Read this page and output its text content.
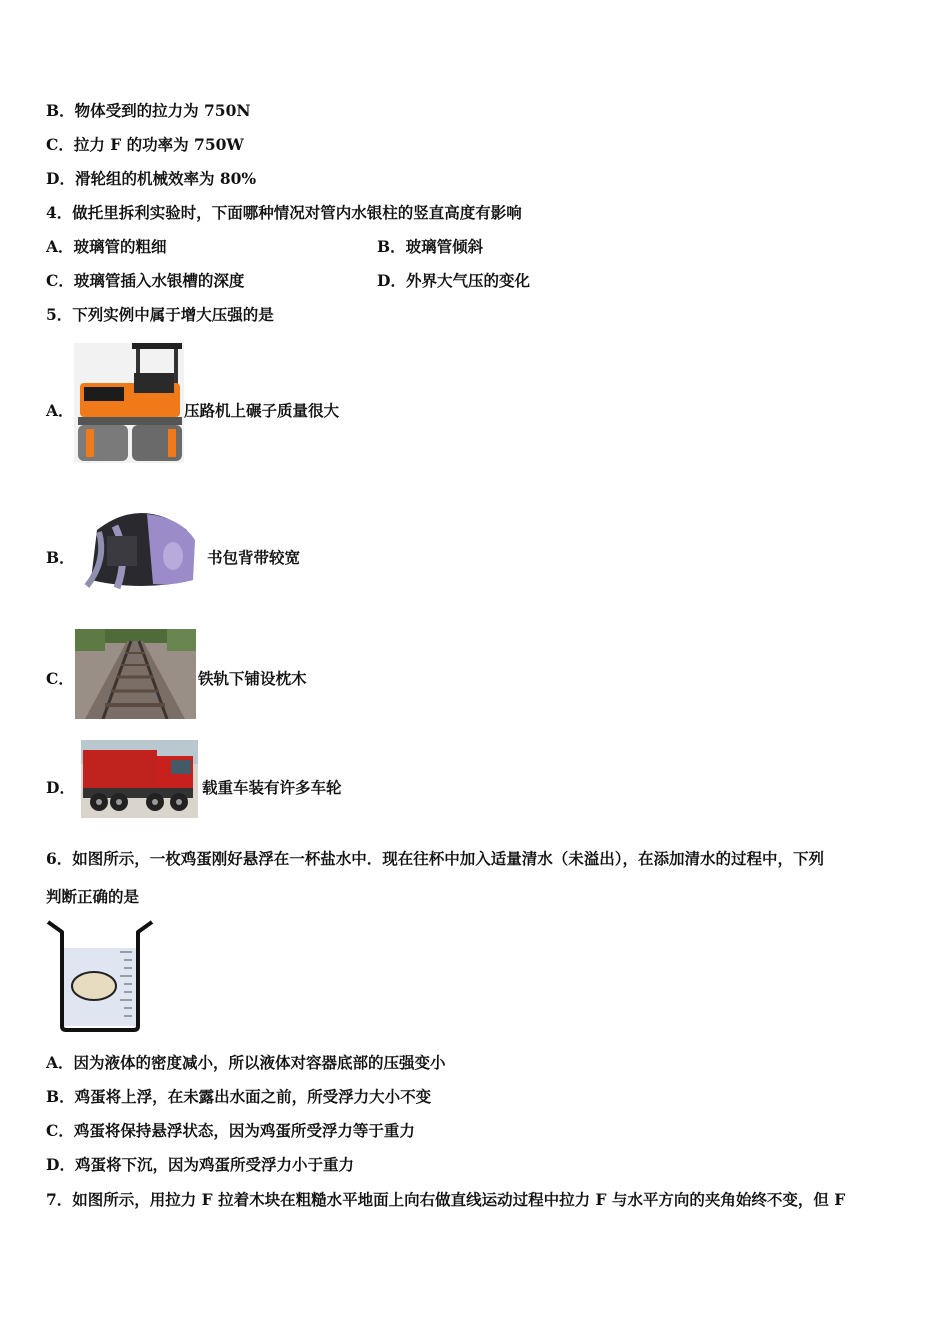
B．物体受到的拉力为 750N
C．拉力 F 的功率为 750W
D．滑轮组的机械效率为 80%
4．做托里拆利实验时，下面哪种情况对管内水银柱的竖直高度有影响
A．玻璃管的粗细	B．玻璃管倾斜
C．玻璃管插入水银槽的深度	D．外界大气压的变化
5．下列实例中属于增大压强的是
A．	压路机上碾子质量很大
B．	书包背带较宽
C．	铁轨下铺设枕木
D．	载重车装有许多车轮
6．如图所示，一枚鸡蛋刚好悬浮在一杯盐水中．现在往杯中加入适量清水（未溢出），在添加清水的过程中，下列
判断正确的是
A．因为液体的密度减小，所以液体对容器底部的压强变小
B．鸡蛋将上浮，在未露出水面之前，所受浮力大小不变
C．鸡蛋将保持悬浮状态，因为鸡蛋所受浮力等于重力
D．鸡蛋将下沉，因为鸡蛋所受浮力小于重力
7．如图所示，用拉力 F 拉着木块在粗糙水平地面上向右做直线运动过程中拉力 F 与水平方向的夹角始终不变，但 F
